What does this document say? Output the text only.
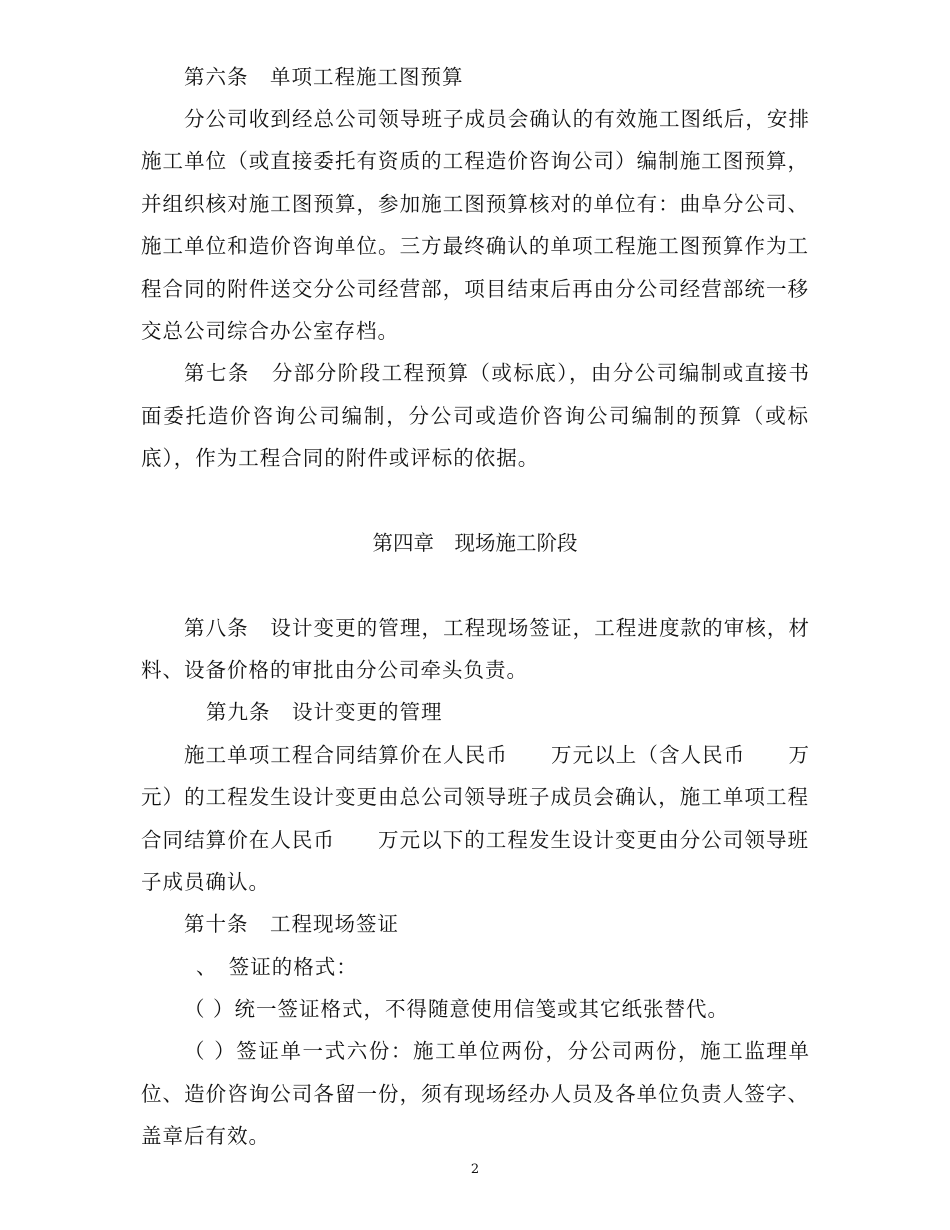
第六条　单项工程施工图预算
分公司收到经总公司领导班子成员会确认的有效施工图纸后，安排
施工单位（或直接委托有资质的工程造价咨询公司）编制施工图预算，
并组织核对施工图预算，参加施工图预算核对的单位有：曲阜分公司、
施工单位和造价咨询单位。三方最终确认的单项工程施工图预算作为工
程合同的附件送交分公司经营部，项目结束后再由分公司经营部统一移
交总公司综合办公室存档。
第七条　分部分阶段工程预算（或标底），由分公司编制或直接书
面委托造价咨询公司编制，分公司或造价咨询公司编制的预算（或标
底），作为工程合同的附件或评标的依据。
第四章　现场施工阶段
第八条　设计变更的管理，工程现场签证，工程进度款的审核，材
料、设备价格的审批由分公司牵头负责。
第九条　设计变更的管理
施工单项工程合同结算价在人民币　　万元以上（含人民币　　万
元）的工程发生设计变更由总公司领导班子成员会确认，施工单项工程
合同结算价在人民币　　万元以下的工程发生设计变更由分公司领导班
子成员确认。
第十条　工程现场签证
、　签证的格式：
（ ）统一签证格式，不得随意使用信笺或其它纸张替代。
（ ）签证单一式六份：施工单位两份，分公司两份，施工监理单
位、造价咨询公司各留一份，须有现场经办人员及各单位负责人签字、
盖章后有效。
2
